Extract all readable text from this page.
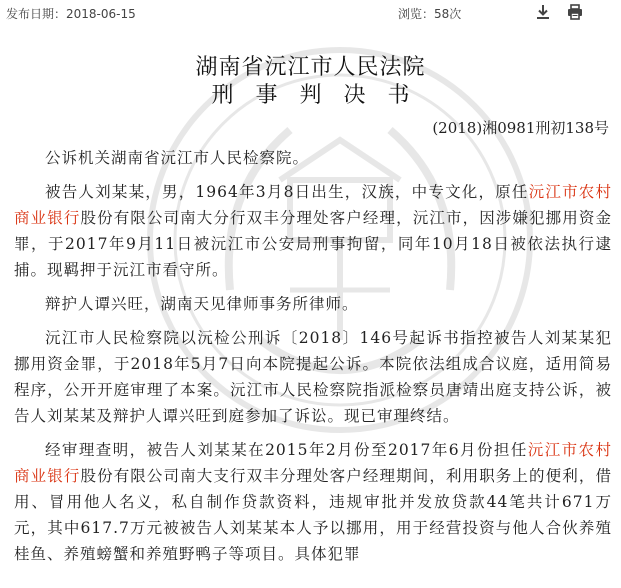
发布日期：2018-06-15	浏览：58次
湖南省沅江市人民法院
刑事判决书
(2018)湘0981刑初138号

公诉机关湖南省沅江市人民检察院。

被告人刘某某，男，1964年3月8日出生，汉族，中专文化，原任沅江市农村商业银行股份有限公司南大分行双丰分理处客户经理，沅江市，因涉嫌犯挪用资金罪，于2017年9月11日被沅江市公安局刑事拘留，同年10月18日被依法执行逮捕。现羁押于沅江市看守所。

辩护人谭兴旺，湖南天见律师事务所律师。

沅江市人民检察院以沅检公刑诉〔2018〕146号起诉书指控被告人刘某某犯挪用资金罪，于2018年5月7日向本院提起公诉。本院依法组成合议庭，适用简易程序，公开开庭审理了本案。沅江市人民检察院指派检察员唐靖出庭支持公诉，被告人刘某某及辩护人谭兴旺到庭参加了诉讼。现已审理终结。

经审理查明，被告人刘某某在2015年2月份至2017年6月份担任沅江市农村商业银行股份有限公司南大支行双丰分理处客户经理期间，利用职务上的便利，借用、冒用他人名义，私自制作贷款资料，违规审批并发放贷款44笔共计671万元，其中617.7万元被被告人刘某某本人予以挪用，用于经营投资与他人合伙养殖桂鱼、养殖螃蟹和养殖野鸭子等项目。具体犯罪
